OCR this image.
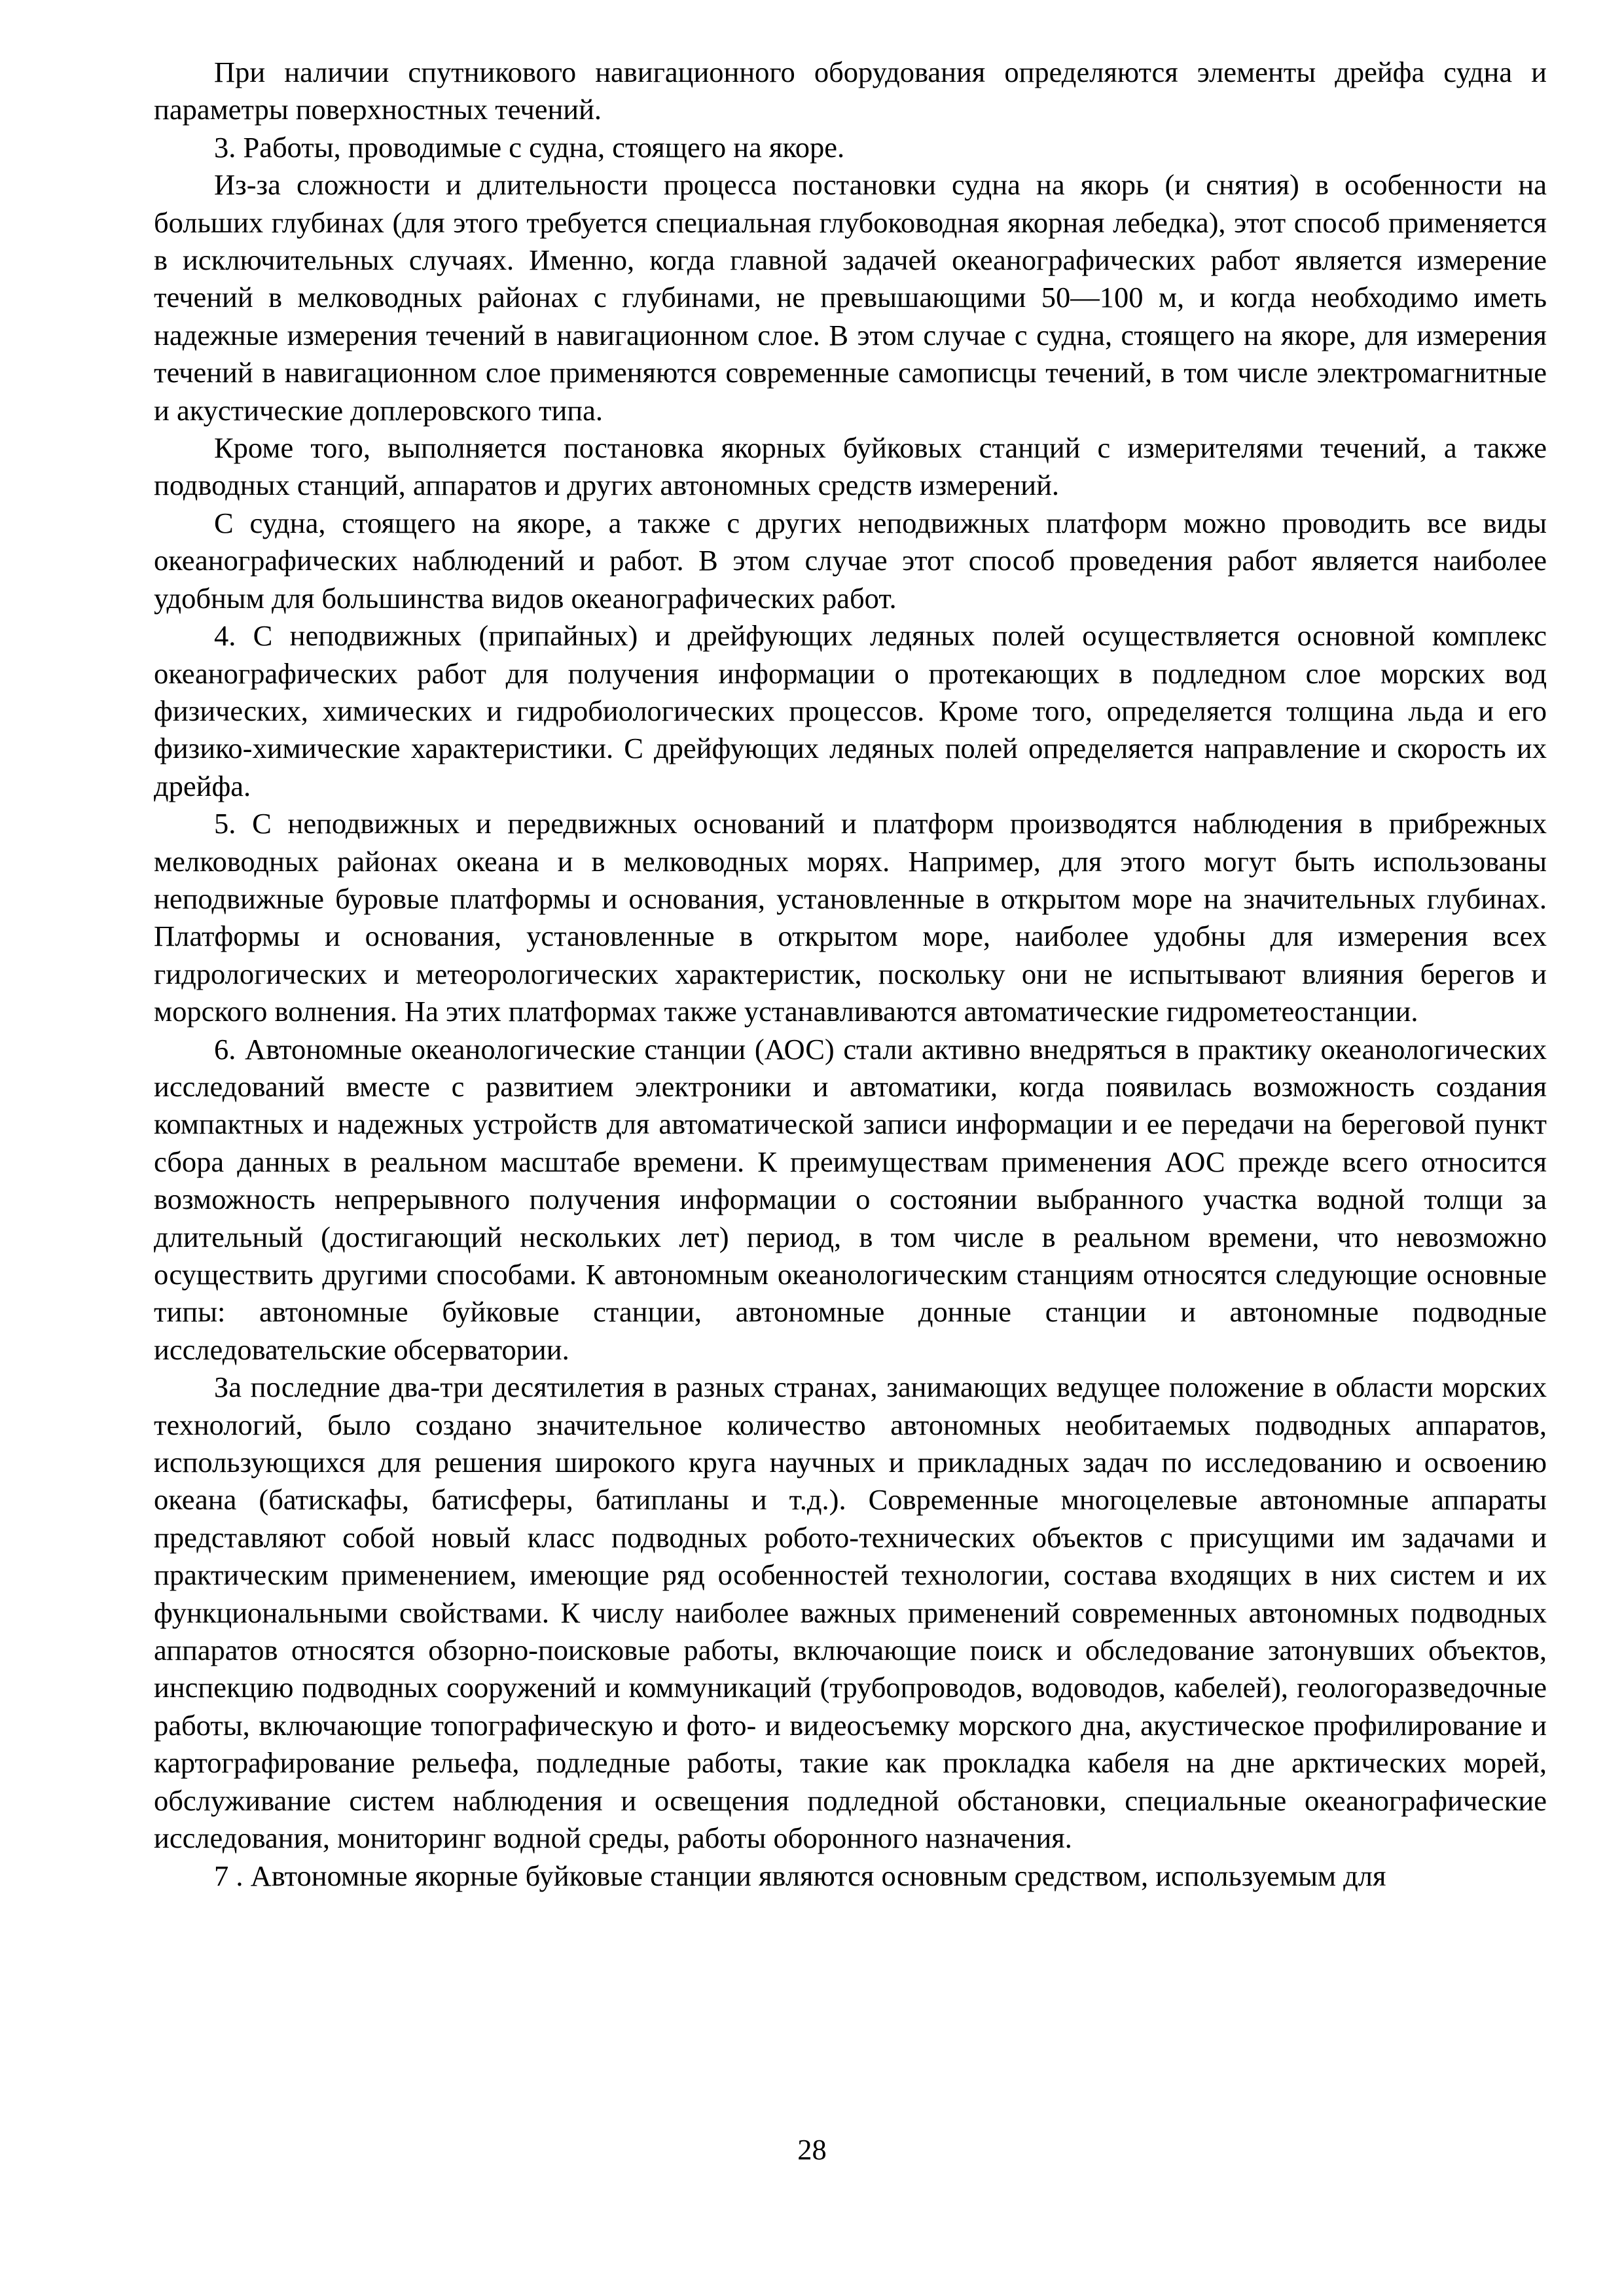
При наличии спутникового навигационного оборудования определяются элементы дрейфа судна и параметры поверхностных течений.

3. Работы, проводимые с судна, стоящего на якоре.

Из-за сложности и длительности процесса постановки судна на якорь (и снятия) в особенности на больших глубинах (для этого требуется специальная глубоководная якорная лебедка), этот способ применяется в исключительных случаях. Именно, когда главной задачей океанографических работ является измерение течений в мелководных районах с глубинами, не превышающими 50—100 м, и когда необходимо иметь надежные измерения течений в навигационном слое. В этом случае с судна, стоящего на якоре, для измерения течений в навигационном слое применяются современные самописцы течений, в том числе электромагнитные и акустические доплеровского типа.

Кроме того, выполняется постановка якорных буйковых станций с измерителями течений, а также подводных станций, аппаратов и других автономных средств измерений.

С судна, стоящего на якоре, а также с других неподвижных платформ можно проводить все виды океанографических наблюдений и работ. В этом случае этот способ проведения работ является наиболее удобным для большинства видов океанографических работ.

4. С неподвижных (припайных) и дрейфующих ледяных полей осуществляется основной комплекс океанографических работ для получения информации о протекающих в подледном слое морских вод физических, химических и гидробиологических процессов. Кроме того, определяется толщина льда и его физико-химические характеристики. С дрейфующих ледяных полей определяется направление и скорость их дрейфа.

5. С неподвижных и передвижных оснований и платформ производятся наблюдения в прибрежных мелководных районах океана и в мелководных морях. Например, для этого могут быть использованы неподвижные буровые платформы и основания, установленные в открытом море на значительных глубинах. Платформы и основания, установленные в открытом море, наиболее удобны для измерения всех гидрологических и метеорологических характеристик, поскольку они не испытывают влияния берегов и морского волнения. На этих платформах также устанавливаются автоматические гидрометеостанции.

6. Автономные океанологические станции (АОС) стали активно внедряться в практику океанологических исследований вместе с развитием электроники и автоматики, когда появилась возможность создания компактных и надежных устройств для автоматической записи информации и ее передачи на береговой пункт сбора данных в реальном масштабе времени. К преимуществам применения АОС прежде всего относится возможность непрерывного получения информации о состоянии выбранного участка водной толщи за длительный (достигающий нескольких лет) период, в том числе в реальном времени, что невозможно осуществить другими способами. К автономным океанологическим станциям относятся следующие основные типы: автономные буйковые станции, автономные донные станции и автономные подводные исследовательские обсерватории.

За последние два-три десятилетия в разных странах, занимающих ведущее положение в области морских технологий, было создано значительное количество автономных необитаемых подводных аппаратов, использующихся для решения широкого круга научных и прикладных задач по исследованию и освоению океана (батискафы, батисферы, батипланы и т.д.). Современные многоцелевые автономные аппараты представляют собой новый класс подводных робото-технических объектов с присущими им задачами и практическим применением, имеющие ряд особенностей технологии, состава входящих в них систем и их функциональными свойствами. К числу наиболее важных применений современных автономных подводных аппаратов относятся обзорно-поисковые работы, включающие поиск и обследование затонувших объектов, инспекцию подводных сооружений и коммуникаций (трубопроводов, водоводов, кабелей), геологоразведочные работы, включающие топографическую и фото- и видеосъемку морского дна, акустическое профилирование и картографирование рельефа, подледные работы, такие как прокладка кабеля на дне арктических морей, обслуживание систем наблюдения и освещения подледной обстановки, специальные океанографические исследования, мониторинг водной среды, работы оборонного назначения.

7 . Автономные якорные буйковые станции являются основным средством, используемым для

28
